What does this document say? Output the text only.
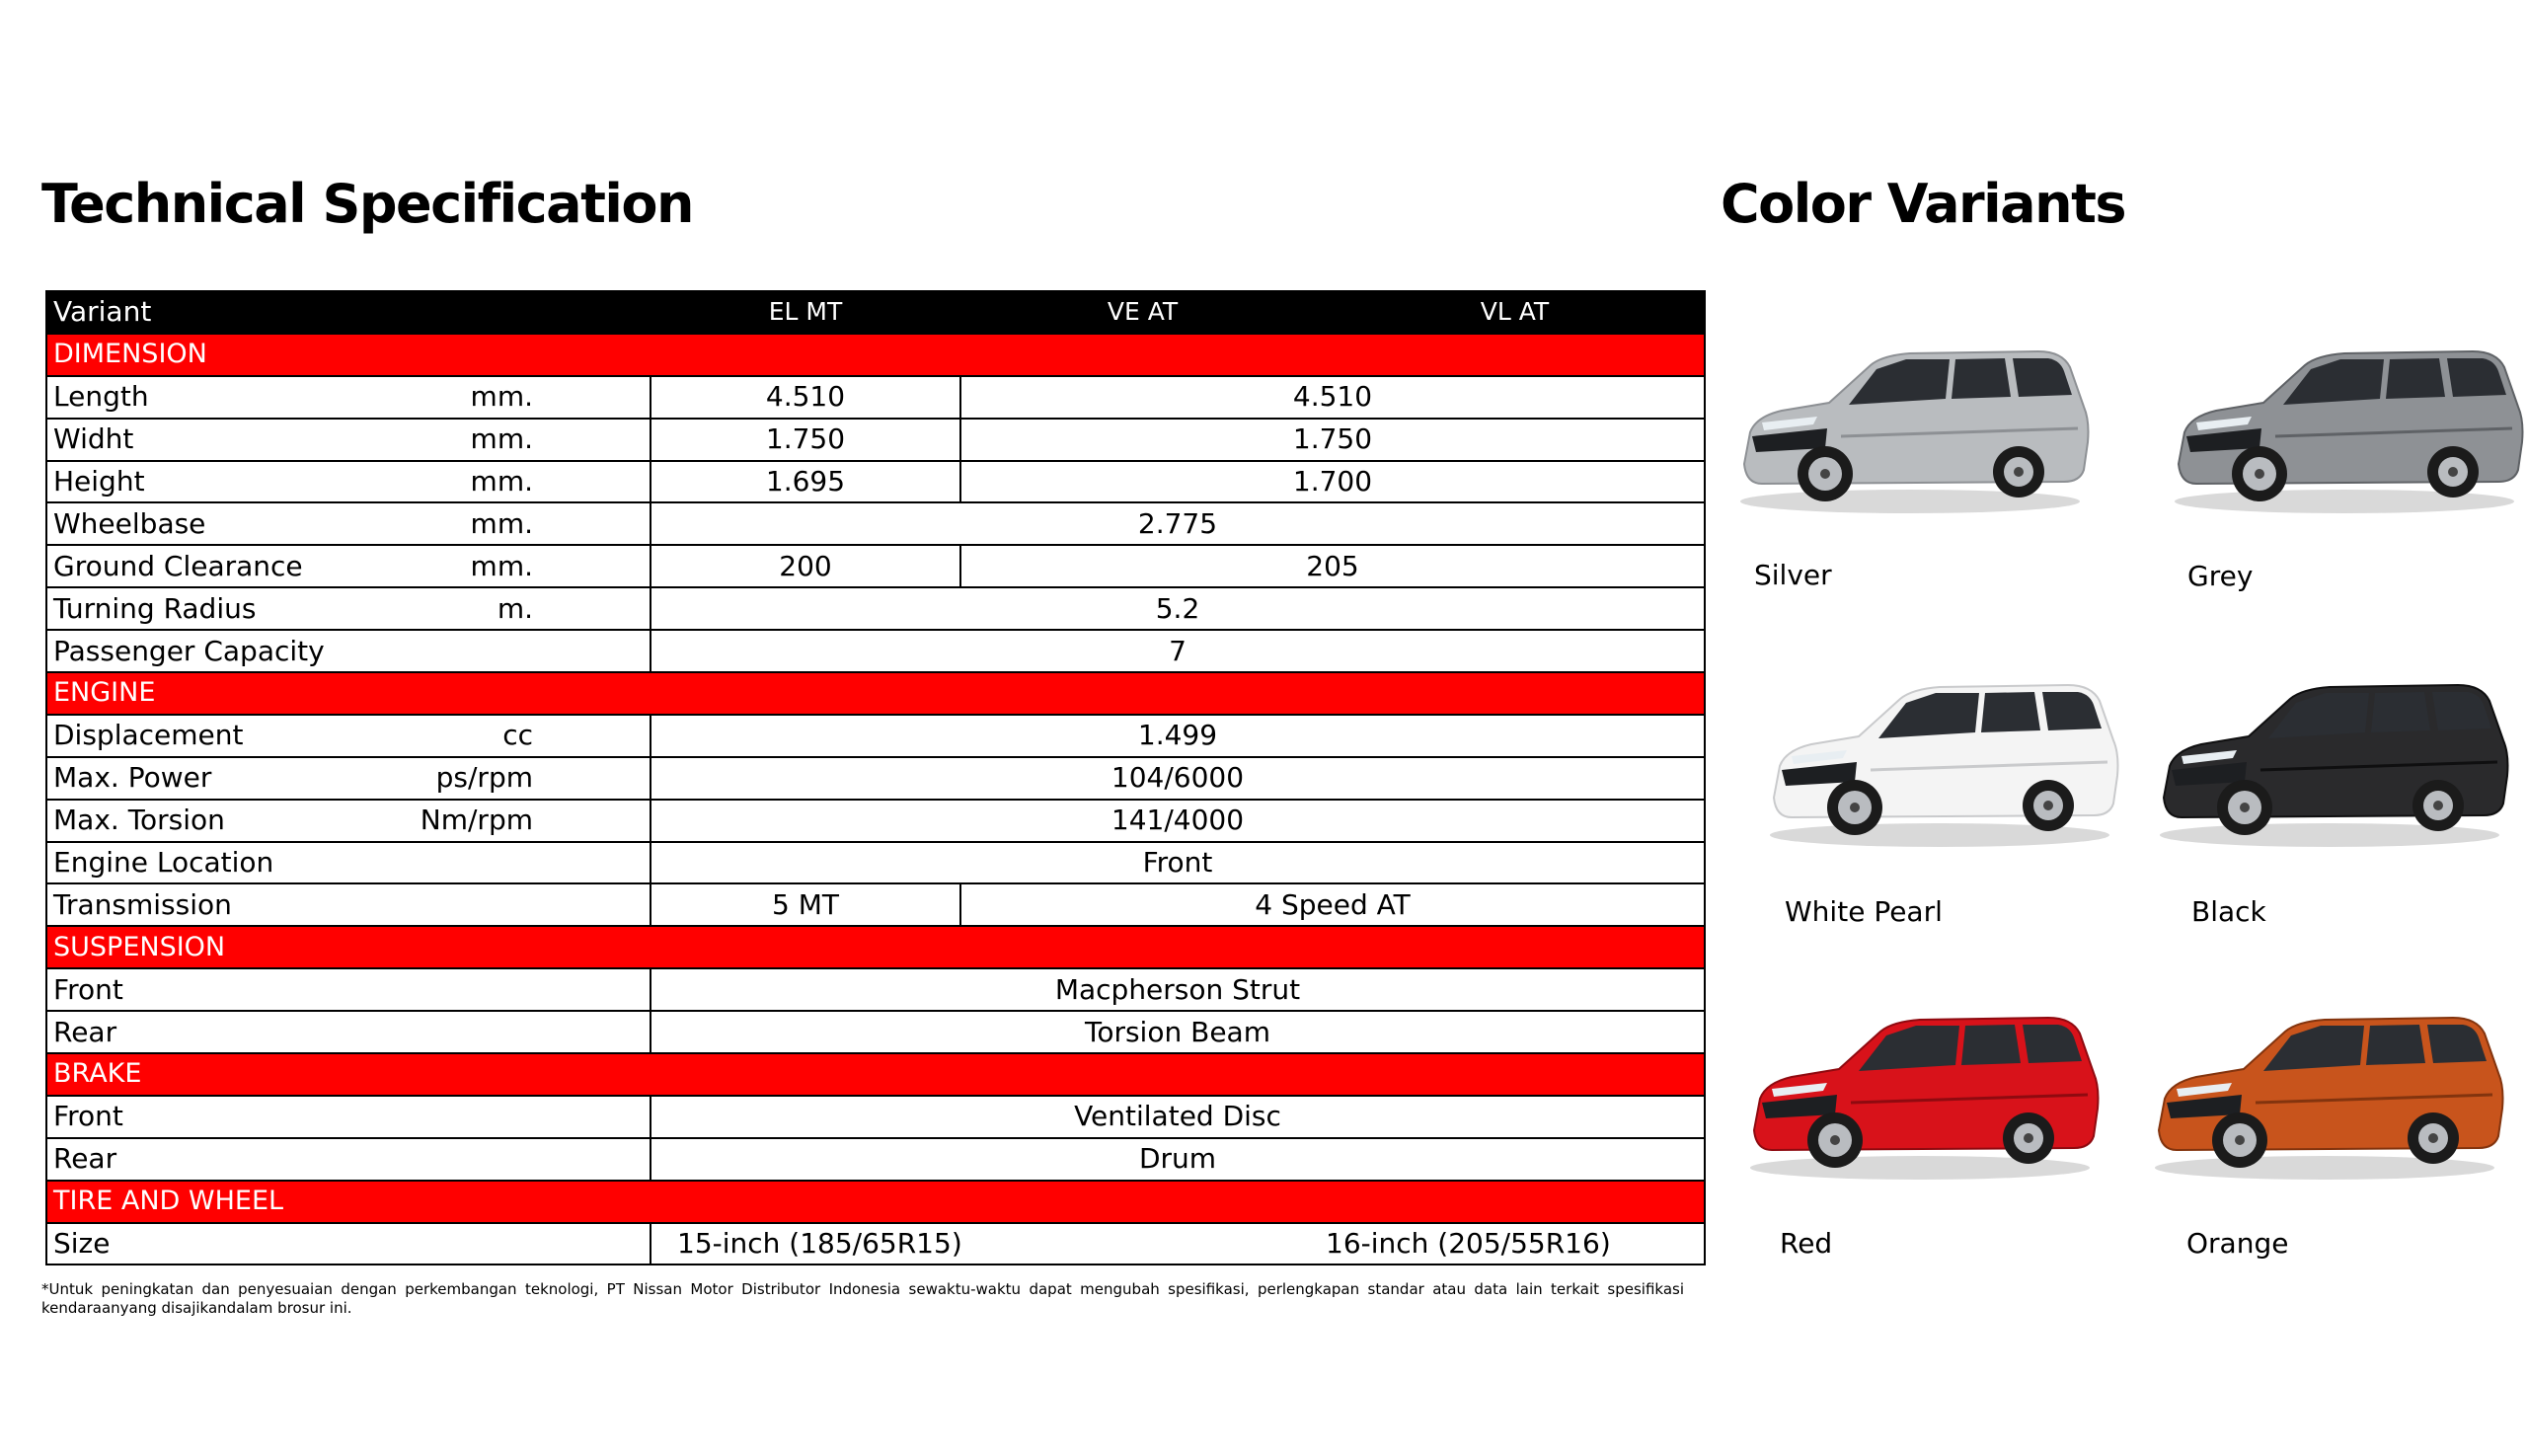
Technical Specification	Color Variants
Variant		EL MT	VE AT	VL AT
DIMENSION				
Length	mm.	4.510	4.510	
Widht	mm.	1.750	1.750	
Height	mm.	1.695	1.700	
Wheelbase	mm.	2.775		
Ground Clearance	mm.	200	205	
Turning Radius	m.	5.2		
Passenger Capacity		7		
ENGINE				
Displacement	cc	1.499		
Max. Power	ps/rpm	104/6000		
Max. Torsion	Nm/rpm	141/4000		
Engine Location		Front		
Transmission		5 MT	4 Speed AT	
SUSPENSION				
Front		Macpherson Strut		
Rear		Torsion Beam		
BRAKE				
Front		Ventilated Disc		
Rear		Drum		
TIRE AND WHEEL				
Size		15-inch (185/65R15)		16-inch (205/55R16)
*Untuk peningkatan dan penyesuaian dengan perkembangan teknologi, PT Nissan Motor Distributor Indonesia sewaktu-waktu dapat mengubah spesifikasi, perlengkapan standar atau data lain terkait spesifikasi kendaraanyang disajikandalam brosur ini.
Silver	Grey
White Pearl	Black
Red	Orange
